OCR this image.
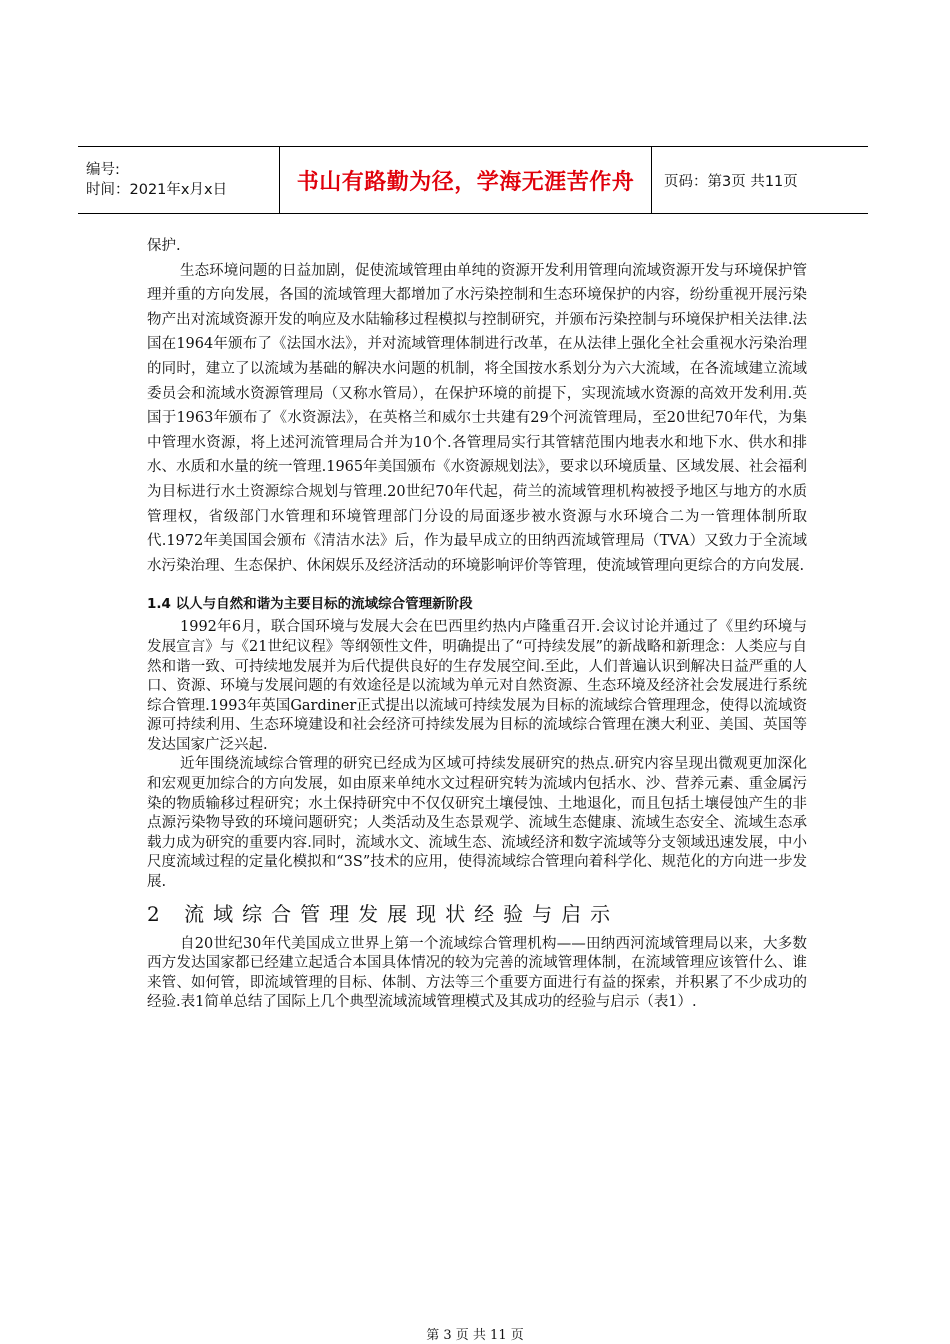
编号:
时间：2021年x月x日	书山有路勤为径，学海无涯苦作舟 页码：第3页 共11页

保护.

生态环境问题的日益加剧，促使流域管理由单纯的资源开发利用管理向流域资源开发与环境保护管理并重的方向发展，各国的流域管理大都增加了水污染控制和生态环境保护的内容，纷纷重视开展污染物产出对流域资源开发的响应及水陆输移过程模拟与控制研究，并颁布污染控制与环境保护相关法律.法国在1964年颁布了《法国水法》，并对流域管理体制进行改革，在从法律上强化全社会重视水污染治理的同时，建立了以流域为基础的解决水问题的机制，将全国按水系划分为六大流域，在各流域建立流域委员会和流域水资源管理局（又称水管局），在保护环境的前提下，实现流域水资源的高效开发利用.英国于1963年颁布了《水资源法》，在英格兰和威尔士共建有29个河流管理局，至20世纪70年代，为集中管理水资源，将上述河流管理局合并为10个.各管理局实行其管辖范围内地表水和地下水、供水和排水、水质和水量的统一管理.1965年美国颁布《水资源规划法》，要求以环境质量、区域发展、社会福利为目标进行水土资源综合规划与管理.20世纪70年代起，荷兰的流域管理机构被授予地区与地方的水质管理权，省级部门水管理和环境管理部门分设的局面逐步被水资源与水环境合二为一管理体制所取代.1972年美国国会颁布《清洁水法》后，作为最早成立的田纳西流域管理局（TVA）又致力于全流域水污染治理、生态保护、休闲娱乐及经济活动的环境影响评价等管理，使流域管理向更综合的方向发展.

1.4 以人与自然和谐为主要目标的流域综合管理新阶段

1992年6月，联合国环境与发展大会在巴西里约热内卢隆重召开.会议讨论并通过了《里约环境与发展宣言》与《21世纪议程》等纲领性文件，明确提出了“可持续发展”的新战略和新理念：人类应与自然和谐一致、可持续地发展并为后代提供良好的生存发展空间.至此，人们普遍认识到解决日益严重的人口、资源、环境与发展问题的有效途径是以流域为单元对自然资源、生态环境及经济社会发展进行系统综合管理.1993年英国Gardiner正式提出以流域可持续发展为目标的流域综合管理理念，使得以流域资源可持续利用、生态环境建设和社会经济可持续发展为目标的流域综合管理在澳大利亚、美国、英国等发达国家广泛兴起.

近年围绕流域综合管理的研究已经成为区域可持续发展研究的热点.研究内容呈现出微观更加深化和宏观更加综合的方向发展，如由原来单纯水文过程研究转为流域内包括水、沙、营养元素、重金属污染的物质输移过程研究；水土保持研究中不仅仅研究土壤侵蚀、土地退化，而且包括土壤侵蚀产生的非点源污染物导致的环境问题研究；人类活动及生态景观学、流域生态健康、流域生态安全、流域生态承载力成为研究的重要内容.同时，流域水文、流域生态、流域经济和数字流域等分支领域迅速发展，中小尺度流域过程的定量化模拟和“3S”技术的应用，使得流域综合管理向着科学化、规范化的方向进一步发展.

2 流域综合管理发展现状经验与启示

自20世纪30年代美国成立世界上第一个流域综合管理机构——田纳西河流域管理局以来，大多数西方发达国家都已经建立起适合本国具体情况的较为完善的流域管理体制，在流域管理应该管什么、谁来管、如何管，即流域管理的目标、体制、方法等三个重要方面进行有益的探索，并积累了不少成功的经验.表1简单总结了国际上几个典型流域流域管理模式及其成功的经验与启示（表1）.

第 3 页 共 11 页
